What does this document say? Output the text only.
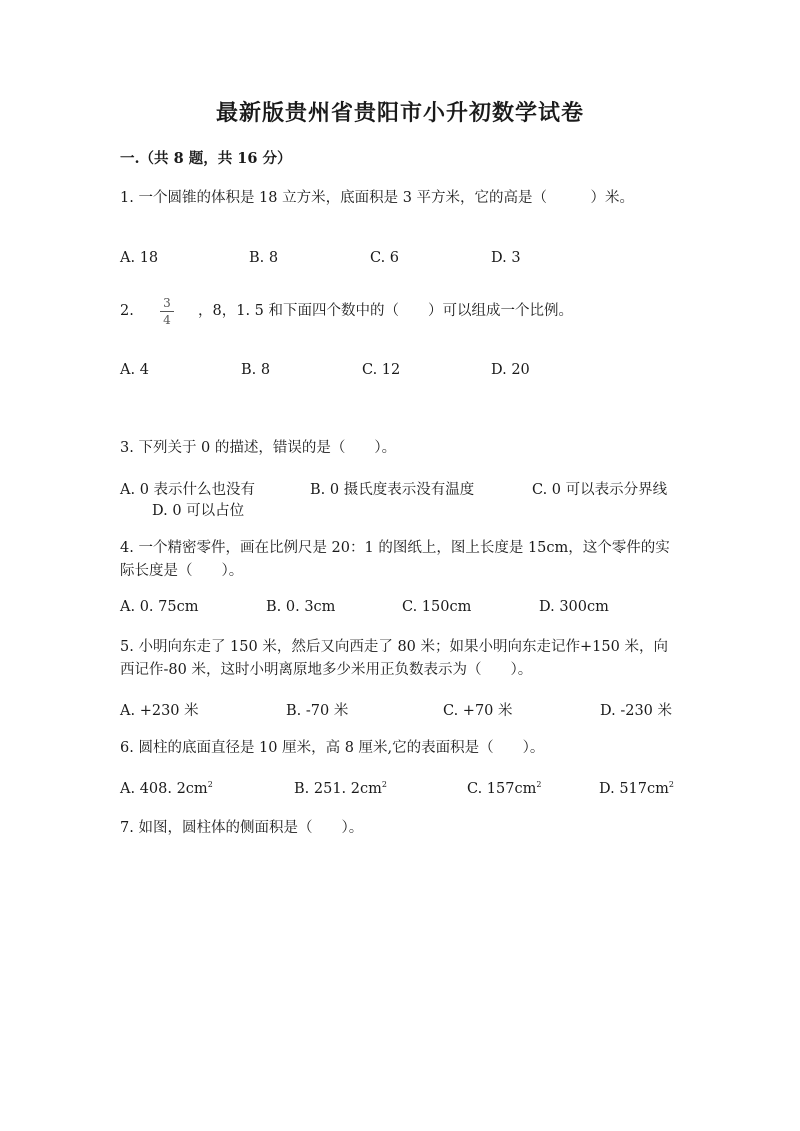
最新版贵州省贵阳市小升初数学试卷
一.（共 8 题，共 16 分）
1. 一个圆锥的体积是 18 立方米，底面积是 3 平方米，它的高是（　　　）米。
A. 18	B. 8	C. 6	D. 3
2. 3
4
，8，1. 5 和下面四个数中的（　　）可以组成一个比例。
A. 4	B. 8	C. 12	D. 20
3. 下列关于 0 的描述，错误的是（　　）。
A. 0 表示什么也没有	B. 0 摄氏度表示没有温度	C. 0 可以表示分界线
D. 0 可以占位
4. 一个精密零件，画在比例尺是 20：1 的图纸上，图上长度是 15cm，这个零件的实际长度是（　　）。
A. 0. 75cm	B. 0. 3cm	C. 150cm	D. 300cm
5. 小明向东走了 150 米，然后又向西走了 80 米；如果小明向东走记作+150 米，向西记作-80 米，这时小明离原地多少米用正负数表示为（　　）。
A. +230 米	B. -70 米	C. +70 米	D. -230 米
6. 圆柱的底面直径是 10 厘米，高 8 厘米,它的表面积是（　　）。
A. 408. $2cm^2$	B. 251. $2cm^2$	C. $157cm^2$	D. $517cm^2$
7. 如图，圆柱体的侧面积是（　　）。
